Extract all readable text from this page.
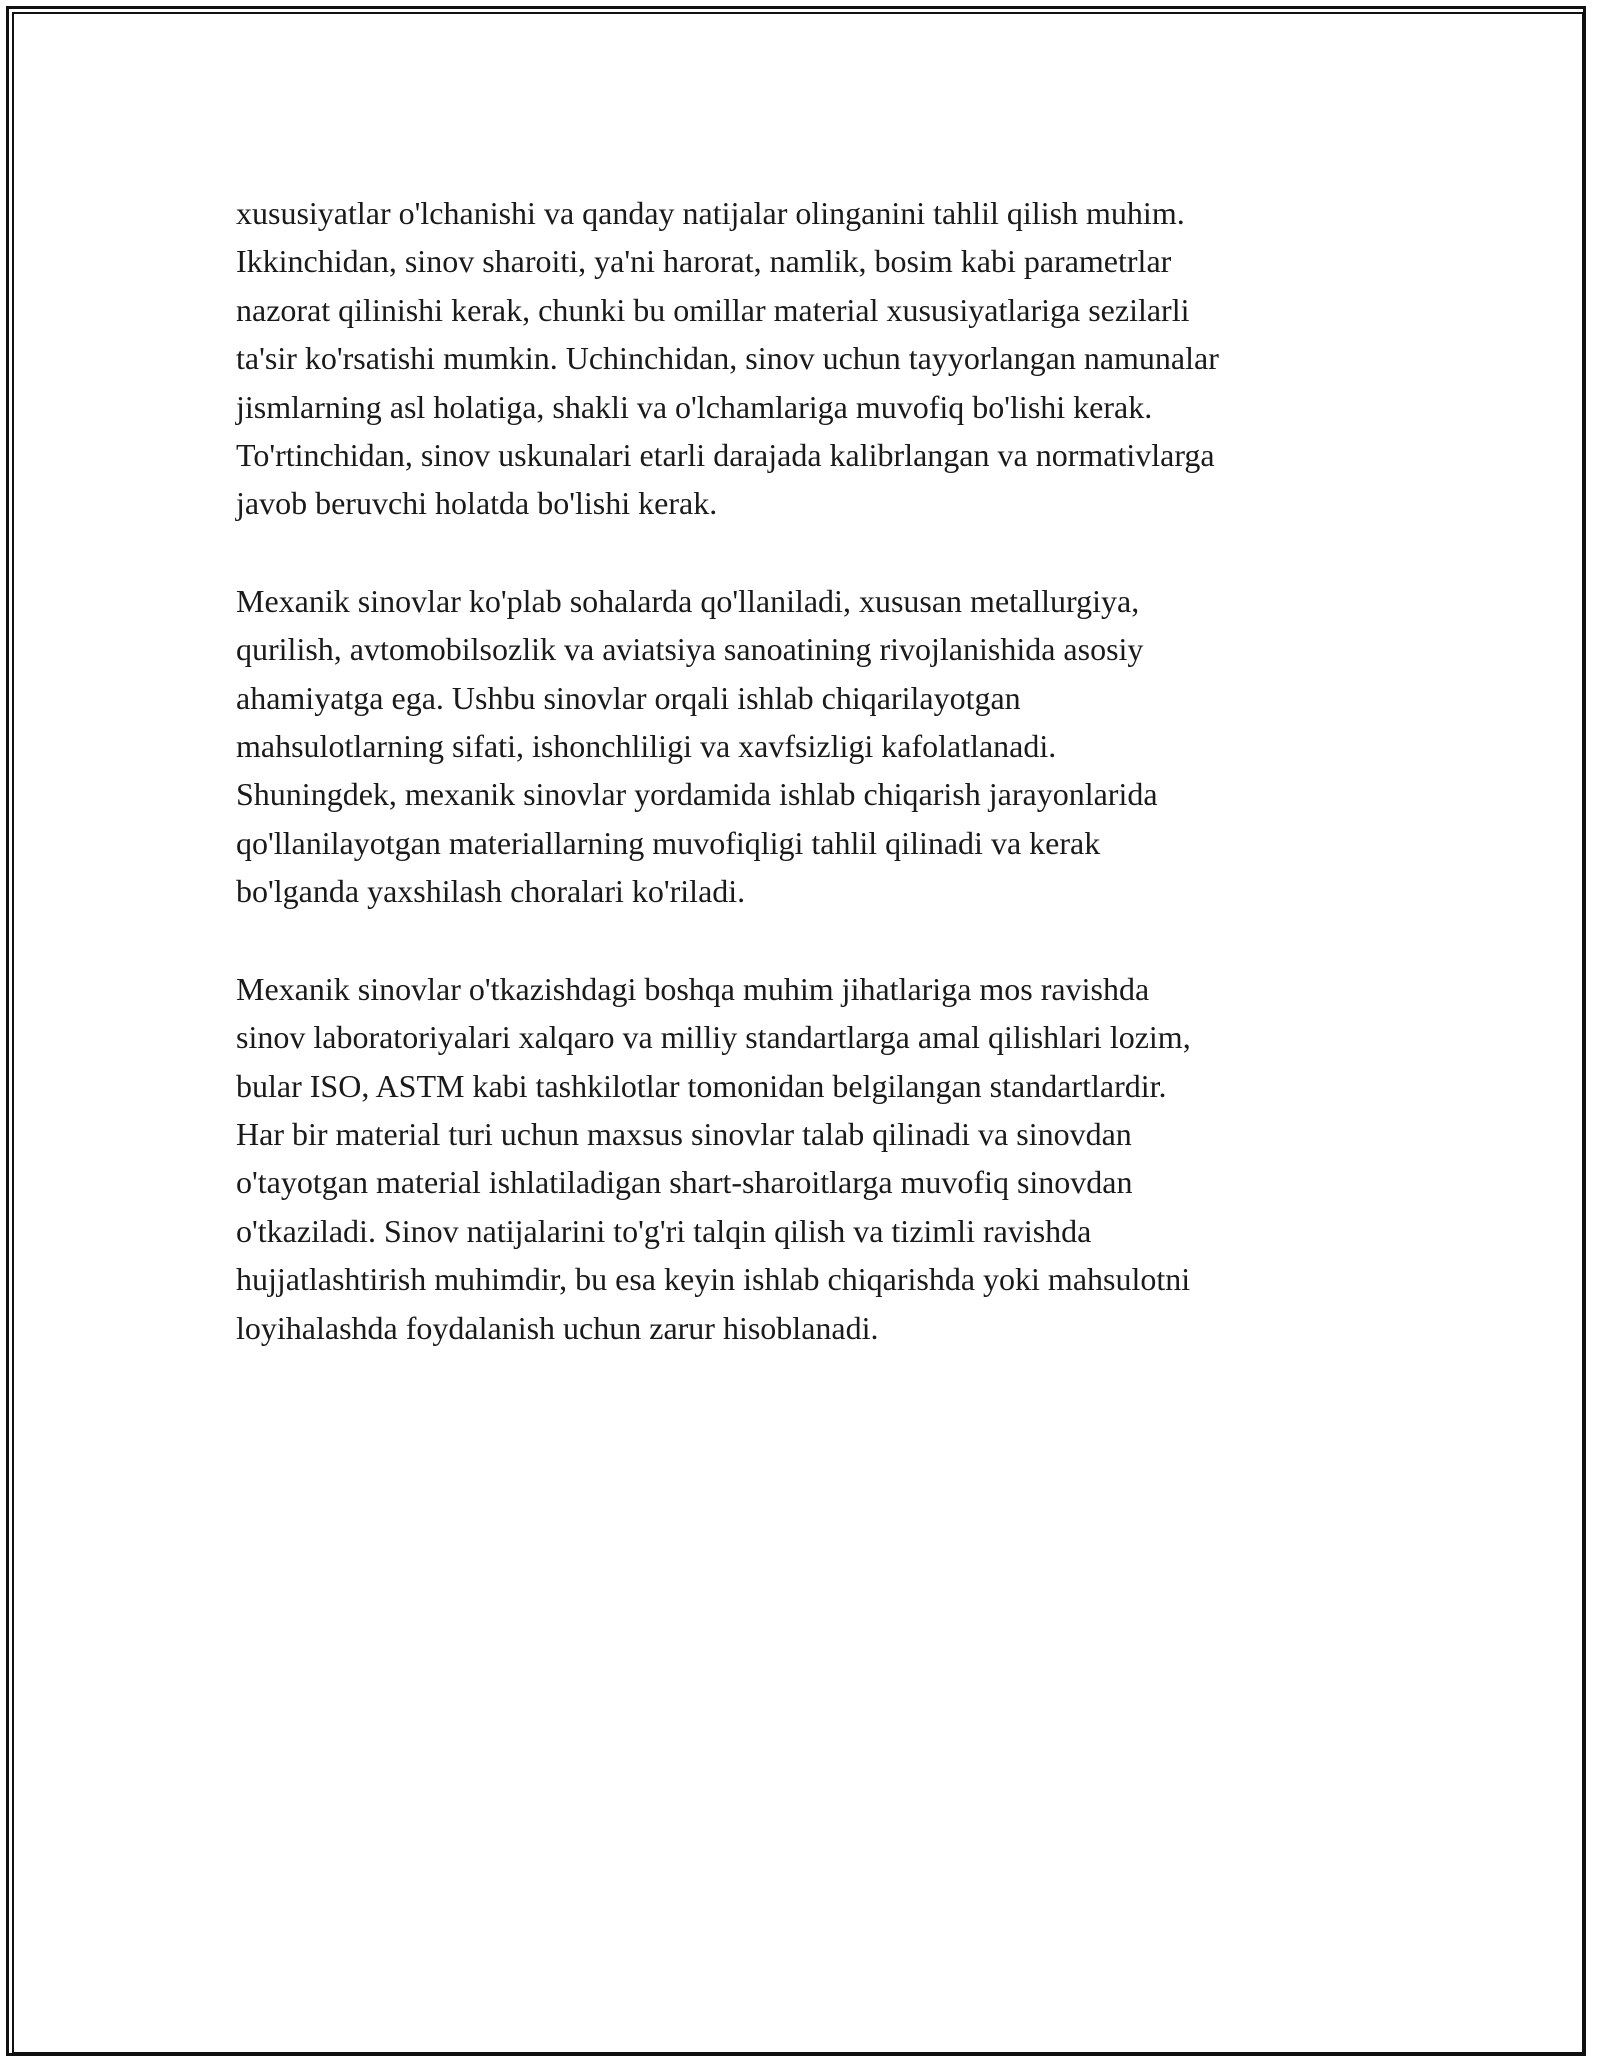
xususiyatlar o'lchanishi va qanday natijalar olinganini tahlil qilish muhim.
Ikkinchidan, sinov sharoiti, ya'ni harorat, namlik, bosim kabi parametrlar
nazorat qilinishi kerak, chunki bu omillar material xususiyatlariga sezilarli
ta'sir ko'rsatishi mumkin. Uchinchidan, sinov uchun tayyorlangan namunalar
jismlarning asl holatiga, shakli va o'lchamlariga muvofiq bo'lishi kerak.
To'rtinchidan, sinov uskunalari etarli darajada kalibrlangan va normativlarga
javob beruvchi holatda bo'lishi kerak.

Mexanik sinovlar ko'plab sohalarda qo'llaniladi, xususan metallurgiya,
qurilish, avtomobilsozlik va aviatsiya sanoatining rivojlanishida asosiy
ahamiyatga ega. Ushbu sinovlar orqali ishlab chiqarilayotgan
mahsulotlarning sifati, ishonchliligi va xavfsizligi kafolatlanadi.
Shuningdek, mexanik sinovlar yordamida ishlab chiqarish jarayonlarida
qo'llanilayotgan materiallarning muvofiqligi tahlil qilinadi va kerak
bo'lganda yaxshilash choralari ko'riladi.

Mexanik sinovlar o'tkazishdagi boshqa muhim jihatlariga mos ravishda
sinov laboratoriyalari xalqaro va milliy standartlarga amal qilishlari lozim,
bular ISO, ASTM kabi tashkilotlar tomonidan belgilangan standartlardir.
Har bir material turi uchun maxsus sinovlar talab qilinadi va sinovdan
o'tayotgan material ishlatiladigan shart-sharoitlarga muvofiq sinovdan
o'tkaziladi. Sinov natijalarini to'g'ri talqin qilish va tizimli ravishda
hujjatlashtirish muhimdir, bu esa keyin ishlab chiqarishda yoki mahsulotni
loyihalashda foydalanish uchun zarur hisoblanadi.
